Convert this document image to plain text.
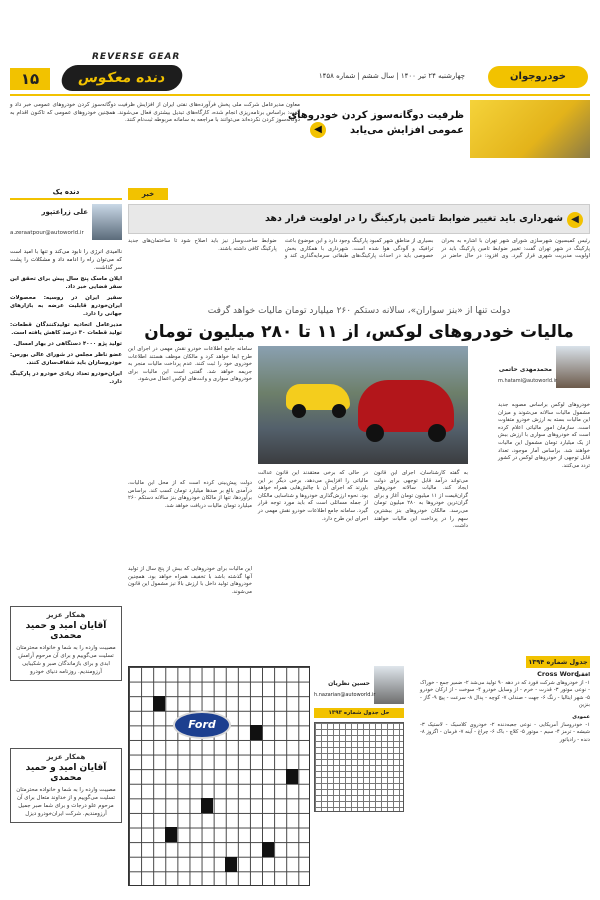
۱۵
REVERSE GEAR
دنده معکوس	چهارشنبه ۲۴ تیر ۱۴۰۰ | سال ششم | شماره ۱۴۵۸	خودروجوان
ظرفیت دوگانه‌سوز کردن خودروهای عمومی افزایش می‌یابد
◀
معاون مدیرعامل شرکت ملی پخش فرآورده‌های نفتی ایران از افزایش ظرفیت دوگانه‌سوز کردن خودروهای عمومی خبر داد و گفت: براساس برنامه‌ریزی انجام شده، کارگاه‌های تبدیل بیشتری فعال می‌شوند. همچنین خودروهای عمومی که تاکنون اقدام به دوگانه‌سوز کردن نکرده‌اند می‌توانند با مراجعه به سامانه مربوطه ثبت‌نام کنند.
دنده یک
علی زراعتپور
a.zeraatpour@autoworld.ir
ناامیدی انرژی را نابود می‌کند و تنها با امید است که می‌توان راه را ادامه داد و مشکلات را پشت سر گذاشت.
ایلان ماسک پنج سال پیش برای تحقق این سفر فضایی خبر داد.
سفیر ایران در روسیه: محصولات ایران‌خودرو قابلیت عرضه به بازارهای جهانی را دارد.
مدیرعامل اتحادیه تولیدکنندگان قطعات: تولید قطعات ۳۰ درصد کاهش یافته است.
تولید پژو ۴۰۰۰ دستگاهی در بهار امسال.
عضو ناظر مجلس در شورای عالی بورس: خودروسازان باید شفاف‌سازی کنند.
ایران‌خودرو تعداد زیادی خودرو در پارکینگ دارد.
همکار عزیز
آقایان امید و حمید محمدی
مصیبت وارده را به شما و خانواده محترمتان تسلیت می‌گوییم و برای آن مرحوم آرامش ابدی و برای بازماندگان صبر و شکیبایی آرزومندیم. روزنامه دنیای خودرو
همکار عزیز
آقایان امید و حمید محمدی
مصیبت وارده را به شما و خانواده محترمتان تسلیت می‌گوییم و از خداوند متعال برای آن مرحوم علو درجات و برای شما صبر جمیل آرزومندیم. شرکت ایران‌خودرو دیزل
خبر
◀
شهرداری باید تغییر ضوابط تامین پارکینگ را در اولویت قرار دهد
رئیس کمیسیون شهرسازی شورای شهر تهران با اشاره به بحران پارکینگ در شهر تهران گفت: تغییر ضوابط تامین پارکینگ باید در اولویت مدیریت شهری قرار گیرد. وی افزود: در حال حاضر در بسیاری از مناطق شهر کمبود پارکینگ وجود دارد و این موضوع باعث ترافیک و آلودگی هوا شده است. شهرداری با همکاری بخش خصوصی باید در احداث پارکینگ‌های طبقاتی سرمایه‌گذاری کند و ضوابط ساخت‌وساز نیز باید اصلاح شود تا ساختمان‌های جدید پارکینگ کافی داشته باشند.
دولت تنها از «بنز سواران»، سالانه دستکم ۲۶۰ میلیارد تومان مالیات خواهد گرفت
مالیات خودروهای لوکس، از ۱۱ تا ۲۸۰ میلیون تومان
محمدمهدی حاتمی
m.hatami@autoworld.ir
خودروهای لوکس براساس مصوبه جدید مشمول مالیات سالانه می‌شوند و میزان این مالیات بسته به ارزش خودرو متفاوت است. سازمان امور مالیاتی اعلام کرده است که خودروهای سواری با ارزش بیش از یک میلیارد تومان مشمول این مالیات خواهند شد. براساس آمار موجود، تعداد قابل توجهی از خودروهای لوکس در کشور تردد می‌کنند.
به گفته کارشناسان، اجرای این قانون می‌تواند درآمد قابل توجهی برای دولت ایجاد کند. مالیات سالانه خودروهای گران‌قیمت از ۱۱ میلیون تومان آغاز و برای گران‌ترین خودروها به ۲۸۰ میلیون تومان می‌رسد. مالکان خودروهای بنز بیشترین سهم را در پرداخت این مالیات خواهند داشت.
در حالی که برخی معتقدند این قانون عدالت مالیاتی را افزایش می‌دهد، برخی دیگر بر این باورند که اجرای آن با چالش‌هایی همراه خواهد بود. نحوه ارزش‌گذاری خودروها و شناسایی مالکان از جمله مسائلی است که باید مورد توجه قرار گیرد. سامانه جامع اطلاعات خودرو نقش مهمی در اجرای این طرح دارد.
سامانه جامع اطلاعات خودرو نقش مهمی در اجرای این طرح ایفا خواهد کرد و مالکان موظف هستند اطلاعات خودروی خود را ثبت کنند. عدم پرداخت مالیات منجر به جریمه خواهد شد. گفتنی است این مالیات برای خودروهای سواری و وانت‌های لوکس اعمال می‌شود.
دولت پیش‌بینی کرده است که از محل این مالیات، درآمدی بالغ بر صدها میلیارد تومان کسب کند. براساس برآوردها، تنها از مالکان خودروهای بنز سالانه دستکم ۲۶۰ میلیارد تومان مالیات دریافت خواهد شد.
این مالیات برای خودروهایی که بیش از پنج سال از تولید آنها گذشته باشد با تخفیف همراه خواهد بود. همچنین خودروهای تولید داخل با ارزش بالا نیز مشمول این قانون می‌شوند.
جدول شماره ۱۳۹۴ Cross Word
افقی
۱- از خودروهای شرکت فورد که در دهه ۹۰ تولید می‌شد ۲- ضمیر جمع - خوراک - نوعی موتور ۳- قدرت - خرم - از وسایل خودرو ۴- سوخت - از ارکان خودرو ۵- شهر ایتالیا - رنگ ۶- جهت - صندلی ۷- کوچه - پدال ۸- سرعت - پیچ ۹- گاز - بنزین
عمودی
۱- خودروساز آمریکایی - نوعی جعبه‌دنده ۲- خودروی کلاسیک - لاستیک ۳- شیشه - ترمز ۴- سیم - موتور ۵- کلاچ - باک ۶- چراغ - آینه ۷- فرمان - اگزوز ۸- دنده - رادیاتور
حسین نظریان
h.nazarian@autoworld.ir
حل جدول شماره ۱۳۹۳
Ford
